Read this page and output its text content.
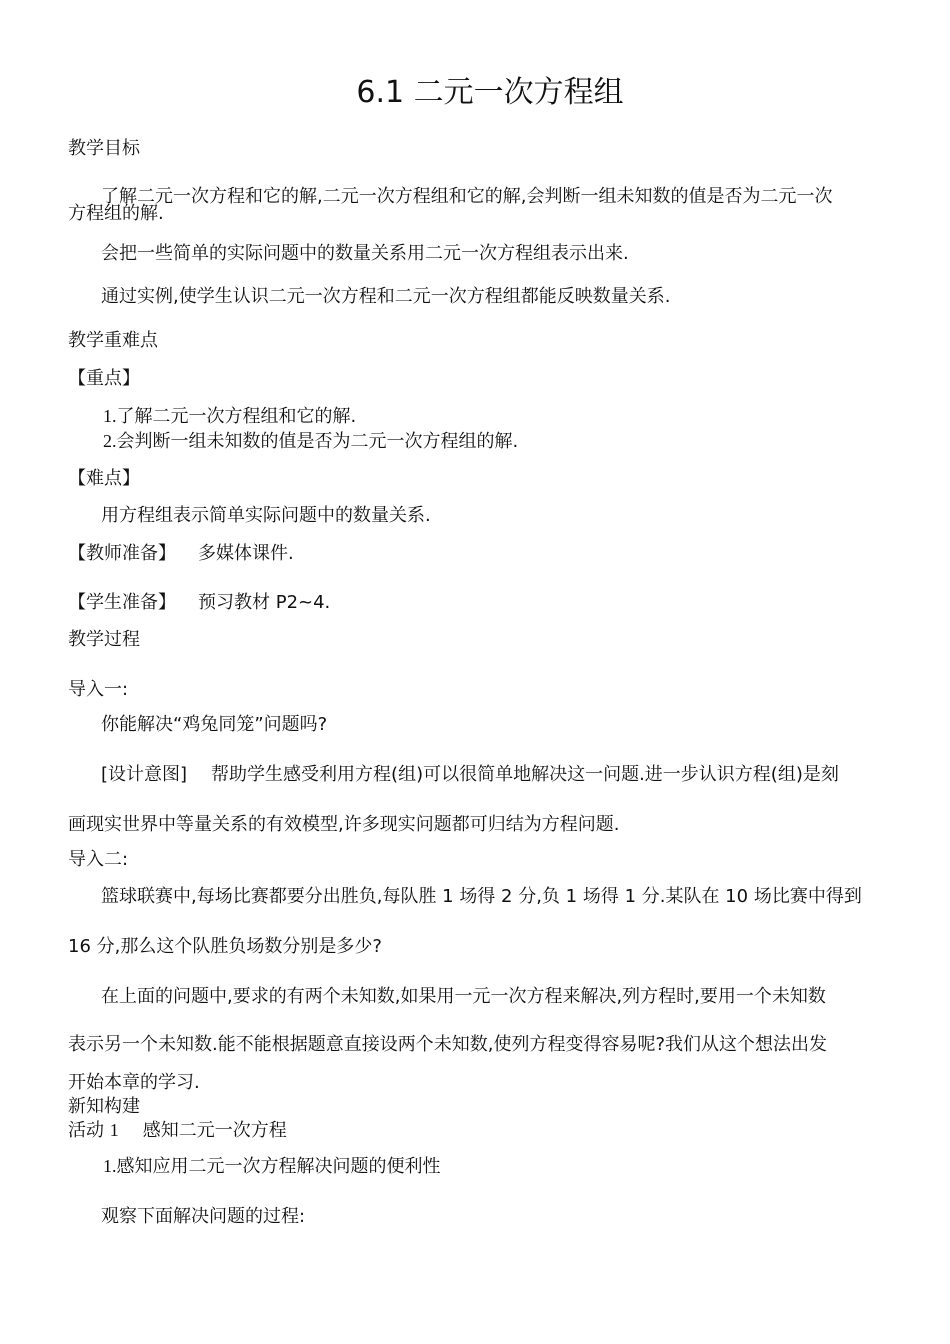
6.1 二元一次方程组
教学目标
了解二元一次方程和它的解,二元一次方程组和它的解,会判断一组未知数的值是否为二元一次
方程组的解.
会把一些简单的实际问题中的数量关系用二元一次方程组表示出来.
通过实例,使学生认识二元一次方程和二元一次方程组都能反映数量关系.
教学重难点
【重点】
1.了解二元一次方程组和它的解.
2.会判断一组未知数的值是否为二元一次方程组的解.
【难点】
用方程组表示简单实际问题中的数量关系.
【教师准备】 多媒体课件.
【学生准备】 预习教材 P2~4.
教学过程
导入一:
你能解决“鸡兔同笼”问题吗?
[设计意图] 帮助学生感受利用方程(组)可以很简单地解决这一问题.进一步认识方程(组)是刻
画现实世界中等量关系的有效模型,许多现实问题都可归结为方程问题.
导入二:
篮球联赛中,每场比赛都要分出胜负,每队胜 1 场得 2 分,负 1 场得 1 分.某队在 10 场比赛中得到
16 分,那么这个队胜负场数分别是多少?
在上面的问题中,要求的有两个未知数,如果用一元一次方程来解决,列方程时,要用一个未知数
表示另一个未知数.能不能根据题意直接设两个未知数,使列方程变得容易呢?我们从这个想法出发
开始本章的学习.
新知构建
活动 1 感知二元一次方程
1.感知应用二元一次方程解决问题的便利性
观察下面解决问题的过程:
